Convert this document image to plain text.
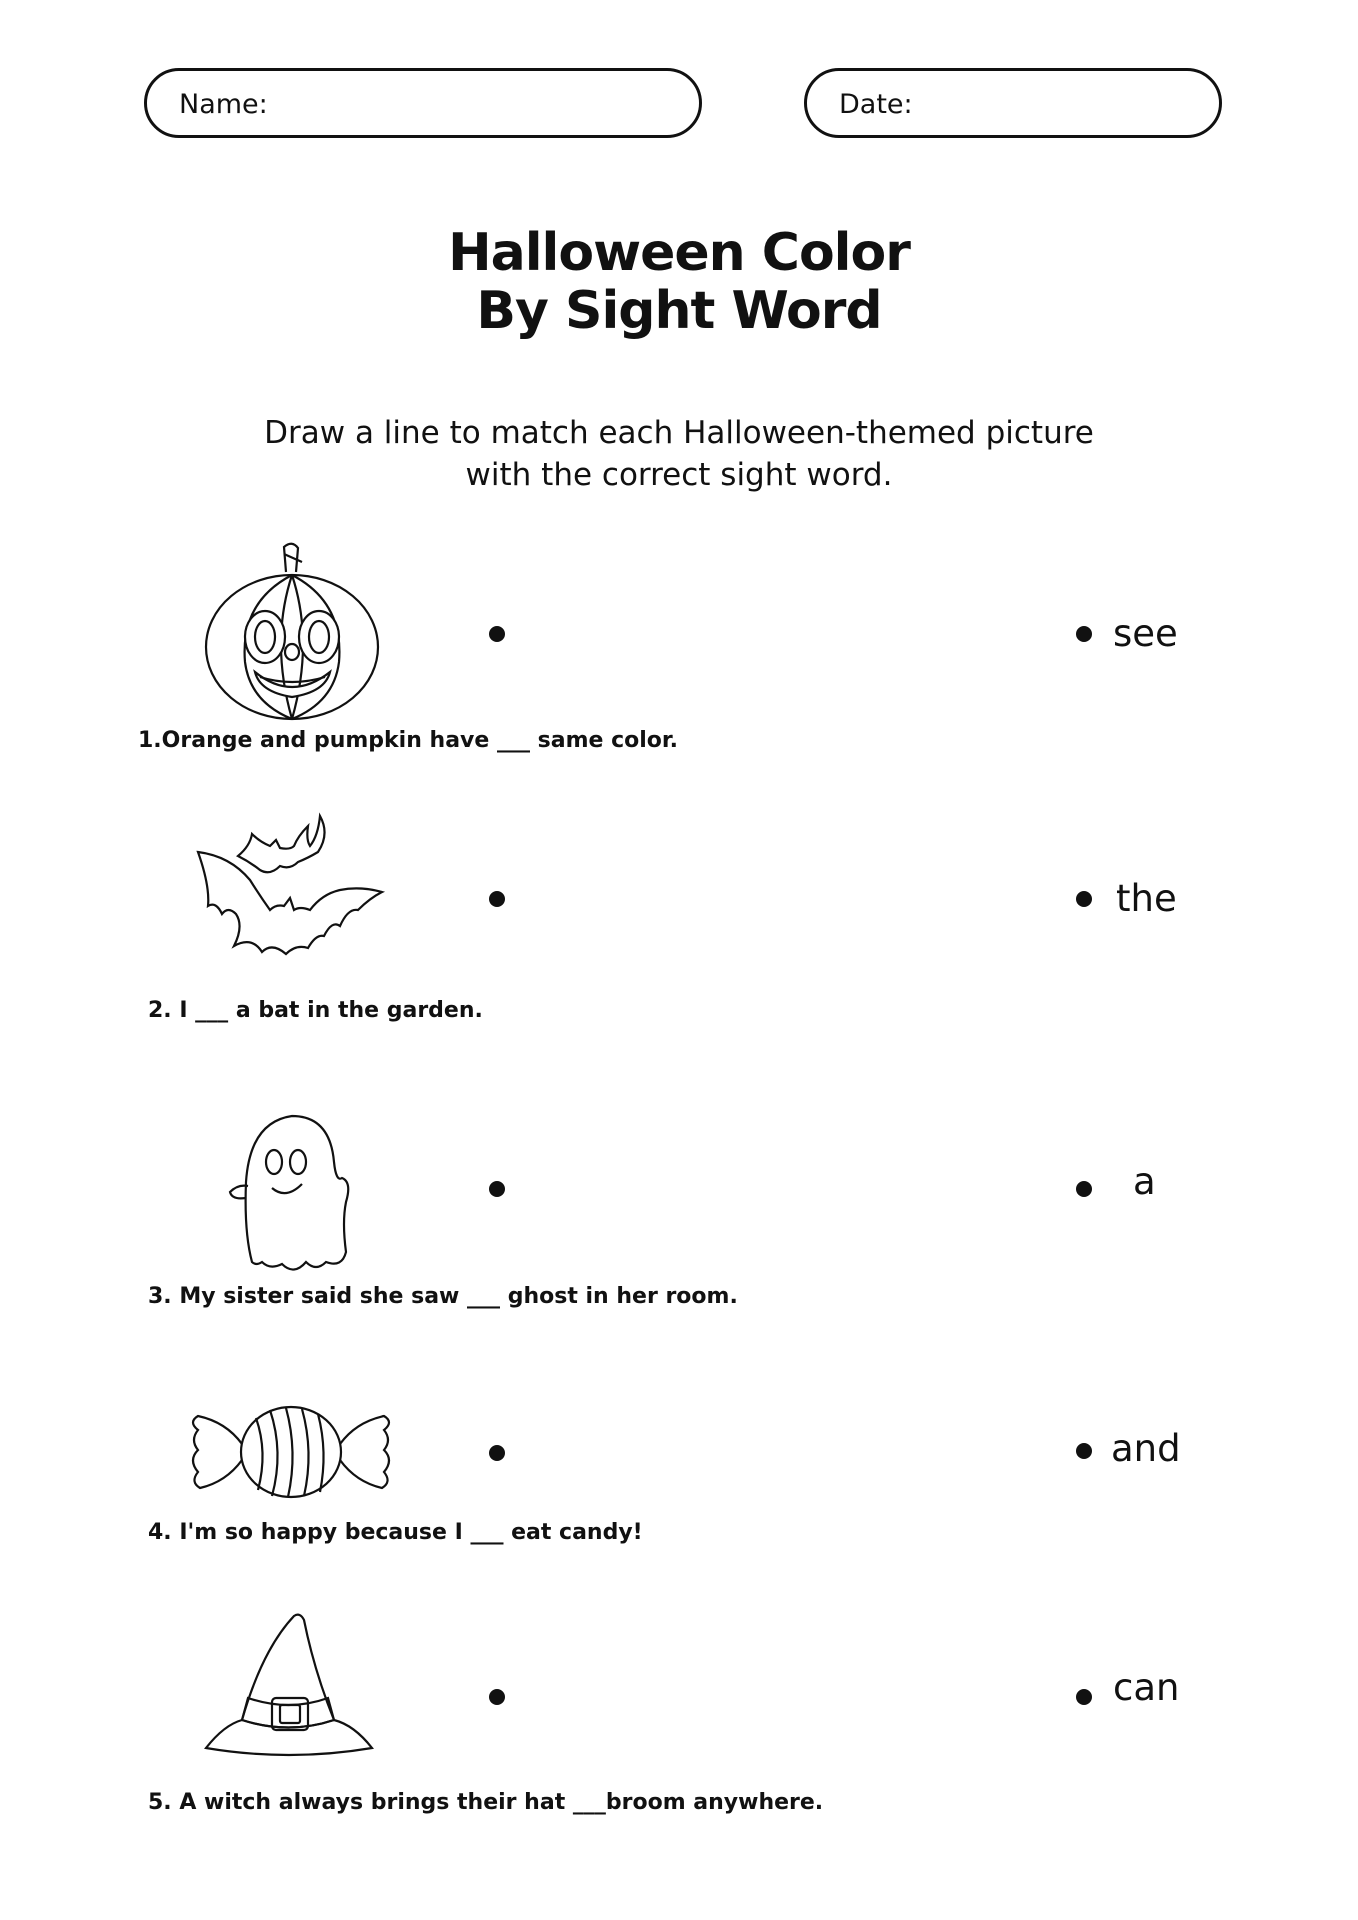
Name:	Date:
Halloween Color
By Sight Word
Draw a line to match each Halloween-themed picture
with the correct sight word.
see
1.Orange and pumpkin have ___ same color.
the
2. I ___ a bat in the garden.
a
3. My sister said she saw ___ ghost in her room.
and
4. I'm so happy because I ___ eat candy!
can
5. A witch always brings their hat ___broom anywhere.
